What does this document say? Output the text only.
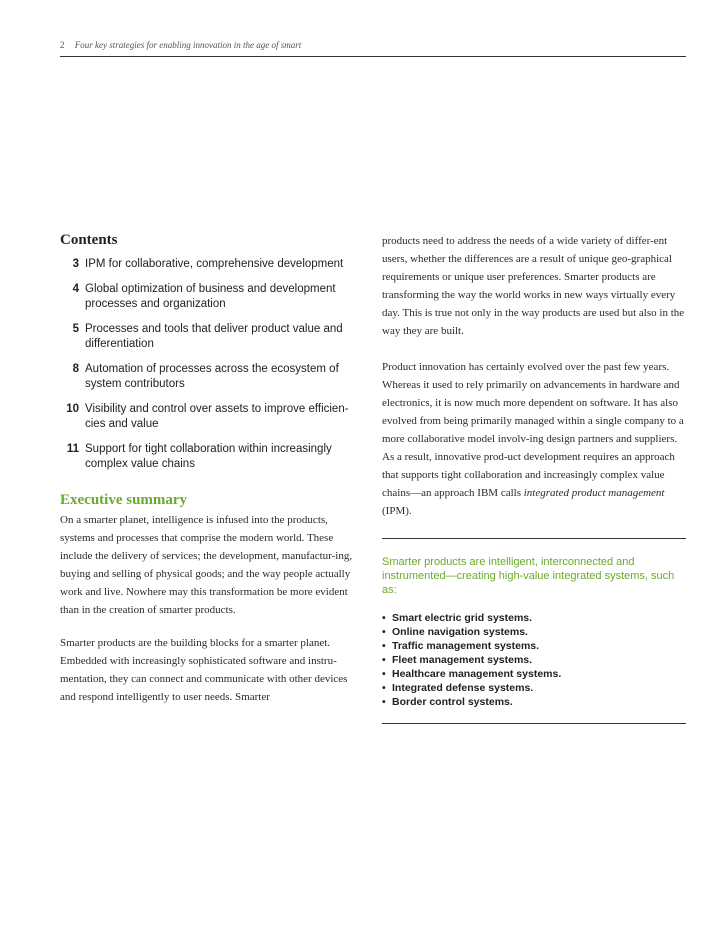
2 Four key strategies for enabling innovation in the age of smart
Contents
3 IPM for collaborative, comprehensive development
4 Global optimization of business and development processes and organization
5 Processes and tools that deliver product value and differentiation
8 Automation of processes across the ecosystem of system contributors
10 Visibility and control over assets to improve efficien-cies and value
11 Support for tight collaboration within increasingly complex value chains
Executive summary

On a smarter planet, intelligence is infused into the products, systems and processes that comprise the modern world. These include the delivery of services; the development, manufactur-ing, buying and selling of physical goods; and the way people actually work and live. Nowhere may this transformation be more evident than in the creation of smarter products.

Smarter products are the building blocks for a smarter planet. Embedded with increasingly sophisticated software and instru-mentation, they can connect and communicate with other devices and respond intelligently to user needs. Smarter

products need to address the needs of a wide variety of differ-ent users, whether the differences are a result of unique geo-graphical requirements or unique user preferences. Smarter products are transforming the way the world works in new ways virtually every day. This is true not only in the way products are used but also in the way they are built.

Product innovation has certainly evolved over the past few years. Whereas it used to rely primarily on advancements in hardware and electronics, it is now much more dependent on software. It has also evolved from being primarily managed within a single company to a more collaborative model involv-ing design partners and suppliers. As a result, innovative prod-uct development requires an approach that supports tight collaboration and increasingly complex value chains—an approach IBM calls integrated product management (IPM).

Smarter products are intelligent, interconnected and instrumented—creating high-value integrated systems, such as:

• Smart electric grid systems.
• Online navigation systems.
• Traffic management systems.
• Fleet management systems.
• Healthcare management systems.
• Integrated defense systems.
• Border control systems.
